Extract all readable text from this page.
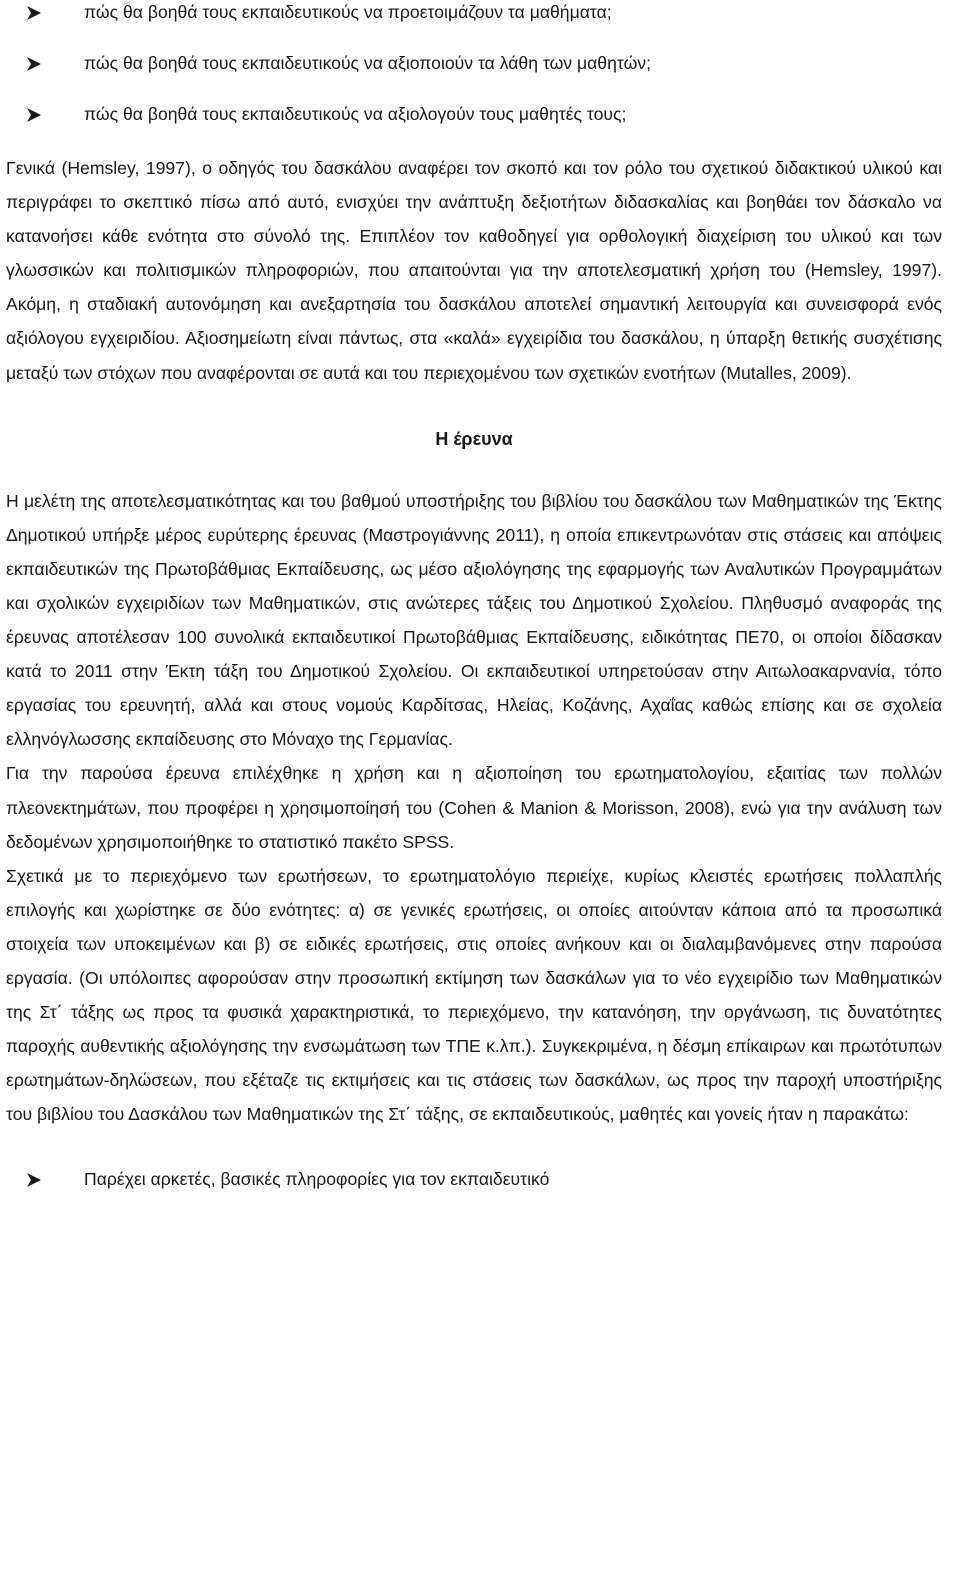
πώς θα βοηθά τους εκπαιδευτικούς να προετοιμάζουν τα μαθήματα;
πώς θα βοηθά τους εκπαιδευτικούς να αξιοποιούν τα λάθη των μαθητών;
πώς θα βοηθά τους εκπαιδευτικούς να αξιολογούν τους μαθητές τους;

Γενικά (Hemsley, 1997), ο οδηγός του δασκάλου αναφέρει τον σκοπό και τον ρόλο του σχετικού διδακτικού υλικού και περιγράφει το σκεπτικό πίσω από αυτό, ενισχύει την ανάπτυξη δεξιοτήτων διδασκαλίας και βοηθάει τον δάσκαλο να κατανοήσει κάθε ενότητα στο σύνολό της. Επιπλέον τον καθοδηγεί για ορθολογική διαχείριση του υλικού και των γλωσσικών και πολιτισμικών πληροφοριών, που απαιτούνται για την αποτελεσματική χρήση του (Hemsley, 1997). Ακόμη, η σταδιακή αυτονόμηση και ανεξαρτησία του δασκάλου αποτελεί σημαντική λειτουργία και συνεισφορά ενός αξιόλογου εγχειριδίου. Αξιοσημείωτη είναι πάντως, στα «καλά» εγχειρίδια του δασκάλου, η ύπαρξη θετικής συσχέτισης μεταξύ των στόχων που αναφέρονται σε αυτά και του περιεχομένου των σχετικών ενοτήτων (Mutalles, 2009).

Η έρευνα

Η μελέτη της αποτελεσματικότητας και του βαθμού υποστήριξης του βιβλίου του δασκάλου των Μαθηματικών της Έκτης Δημοτικού υπήρξε μέρος ευρύτερης έρευνας (Μαστρογιάννης 2011), η οποία επικεντρωνόταν στις στάσεις και απόψεις εκπαιδευτικών της Πρωτοβάθμιας Εκπαίδευσης, ως μέσο αξιολόγησης της εφαρμογής των Αναλυτικών Προγραμμάτων και σχολικών εγχειριδίων των Μαθηματικών, στις ανώτερες τάξεις του Δημοτικού Σχολείου. Πληθυσμό αναφοράς της έρευνας αποτέλεσαν 100 συνολικά εκπαιδευτικοί Πρωτοβάθμιας Εκπαίδευσης, ειδικότητας ΠΕ70, οι οποίοι δίδασκαν κατά το 2011 στην Έκτη τάξη του Δημοτικού Σχολείου. Οι εκπαιδευτικοί υπηρετούσαν στην Αιτωλοακαρνανία, τόπο εργασίας του ερευνητή, αλλά και στους νομούς Καρδίτσας, Ηλείας, Κοζάνης, Αχαΐας καθώς επίσης και σε σχολεία ελληνόγλωσσης εκπαίδευσης στο Μόναχο της Γερμανίας.

Για την παρούσα έρευνα επιλέχθηκε η χρήση και η αξιοποίηση του ερωτηματολογίου, εξαιτίας των πολλών πλεονεκτημάτων, που προφέρει η χρησιμοποίησή του (Cohen & Manion & Morisson, 2008), ενώ για την ανάλυση των δεδομένων χρησιμοποιήθηκε το στατιστικό πακέτο SPSS.

Σχετικά με το περιεχόμενο των ερωτήσεων, το ερωτηματολόγιο περιείχε, κυρίως κλειστές ερωτήσεις πολλαπλής επιλογής και χωρίστηκε σε δύο ενότητες: α) σε γενικές ερωτήσεις, οι οποίες αιτούνταν κάποια από τα προσωπικά στοιχεία των υποκειμένων και β) σε ειδικές ερωτήσεις, στις οποίες ανήκουν και οι διαλαμβανόμενες στην παρούσα εργασία. (Οι υπόλοιπες αφορούσαν στην προσωπική εκτίμηση των δασκάλων για το νέο εγχειρίδιο των Μαθηματικών της Στ΄ τάξης ως προς τα φυσικά χαρακτηριστικά, το περιεχόμενο, την κατανόηση, την οργάνωση, τις δυνατότητες παροχής αυθεντικής αξιολόγησης την ενσωμάτωση των ΤΠΕ κ.λπ.). Συγκεκριμένα, η δέσμη επίκαιρων και πρωτότυπων ερωτημάτων-δηλώσεων, που εξέταζε τις εκτιμήσεις και τις στάσεις των δασκάλων, ως προς την παροχή υποστήριξης του βιβλίου του Δασκάλου των Μαθηματικών της Στ΄ τάξης, σε εκπαιδευτικούς, μαθητές και γονείς ήταν η παρακάτω:

Παρέχει αρκετές, βασικές πληροφορίες για τον εκπαιδευτικό
